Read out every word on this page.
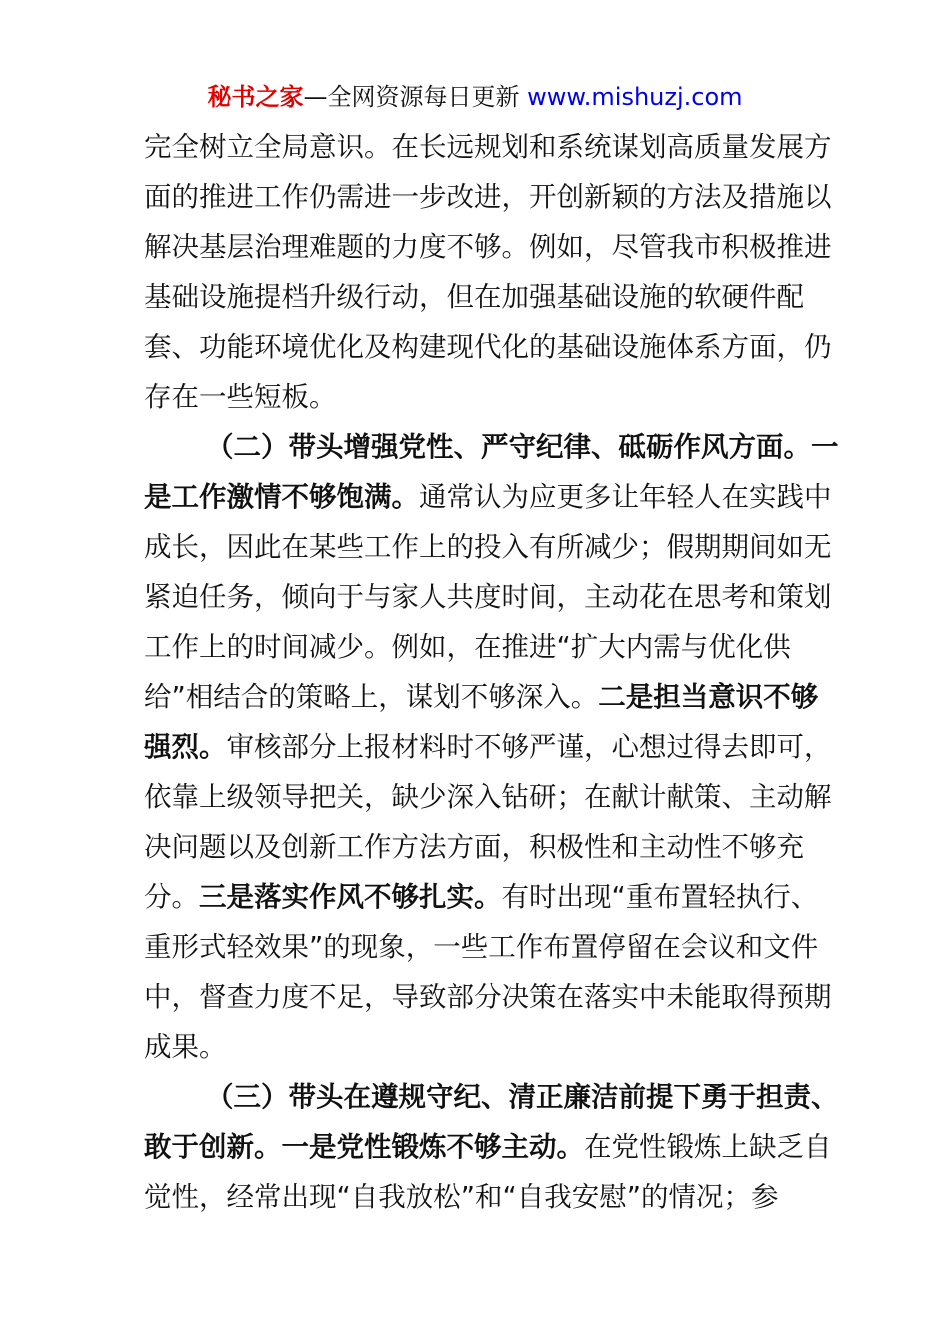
秘书之家—全网资源每日更新 www.mishuzj.com
完全树立全局意识。在长远规划和系统谋划高质量发展方
面的推进工作仍需进一步改进，开创新颖的方法及措施以
解决基层治理难题的力度不够。例如，尽管我市积极推进
基础设施提档升级行动，但在加强基础设施的软硬件配
套、功能环境优化及构建现代化的基础设施体系方面，仍
存在一些短板。
（二）带头增强党性、严守纪律、砥砺作风方面。一
是工作激情不够饱满。通常认为应更多让年轻人在实践中
成长，因此在某些工作上的投入有所减少；假期期间如无
紧迫任务，倾向于与家人共度时间，主动花在思考和策划
工作上的时间减少。例如，在推进“扩大内需与优化供
给”相结合的策略上，谋划不够深入。二是担当意识不够
强烈。审核部分上报材料时不够严谨，心想过得去即可，
依靠上级领导把关，缺少深入钻研；在献计献策、主动解
决问题以及创新工作方法方面，积极性和主动性不够充
分。三是落实作风不够扎实。有时出现“重布置轻执行、
重形式轻效果”的现象，一些工作布置停留在会议和文件
中，督查力度不足，导致部分决策在落实中未能取得预期
成果。
（三）带头在遵规守纪、清正廉洁前提下勇于担责、
敢于创新。一是党性锻炼不够主动。在党性锻炼上缺乏自
觉性，经常出现“自我放松”和“自我安慰”的情况；参
